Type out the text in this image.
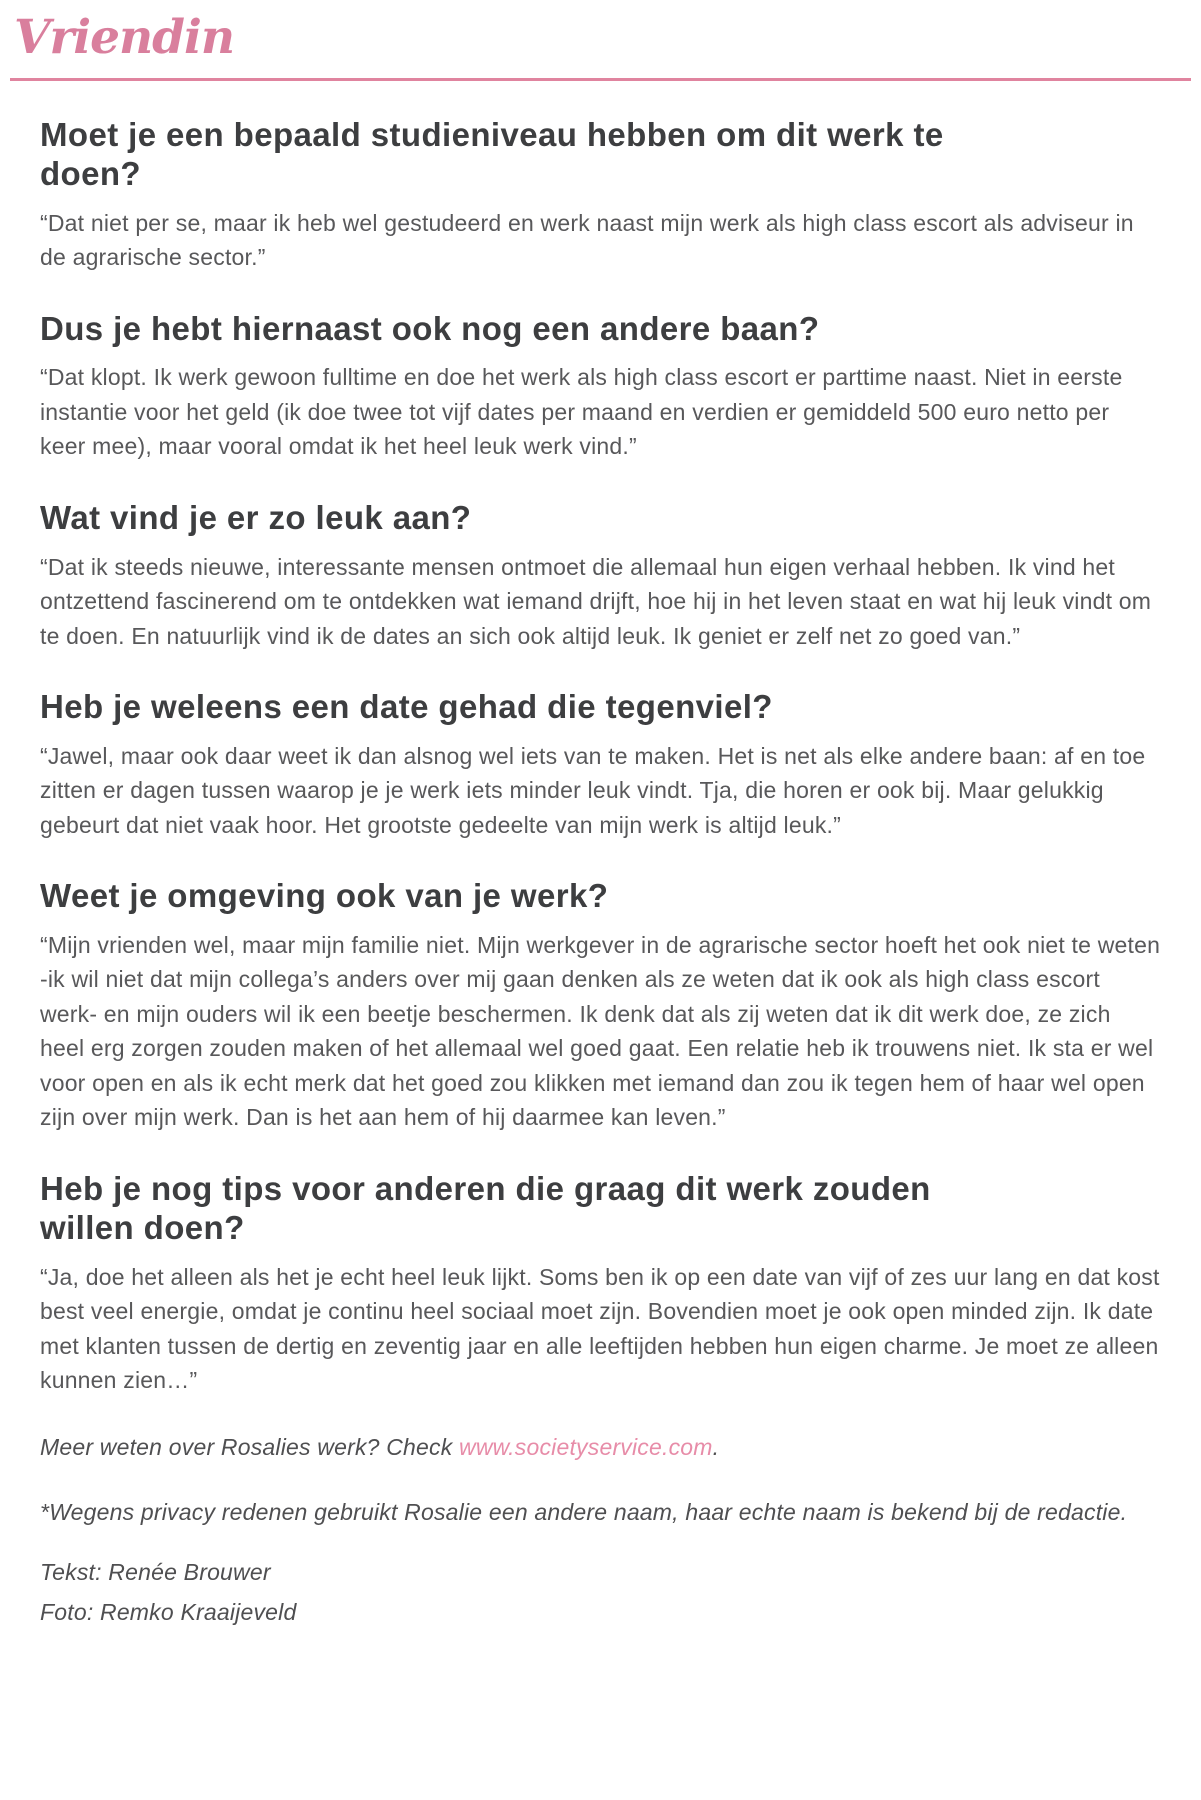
Vriendin
Moet je een bepaald studieniveau hebben om dit werk te doen?

“Dat niet per se, maar ik heb wel gestudeerd en werk naast mijn werk als high class escort als adviseur in de agrarische sector.”

Dus je hebt hiernaast ook nog een andere baan?

“Dat klopt. Ik werk gewoon fulltime en doe het werk als high class escort er parttime naast. Niet in eerste instantie voor het geld (ik doe twee tot vijf dates per maand en verdien er gemiddeld 500 euro netto per keer mee), maar vooral omdat ik het heel leuk werk vind.”

Wat vind je er zo leuk aan?

“Dat ik steeds nieuwe, interessante mensen ontmoet die allemaal hun eigen verhaal hebben. Ik vind het ontzettend fascinerend om te ontdekken wat iemand drijft, hoe hij in het leven staat en wat hij leuk vindt om te doen. En natuurlijk vind ik de dates an sich ook altijd leuk. Ik geniet er zelf net zo goed van.”

Heb je weleens een date gehad die tegenviel?

“Jawel, maar ook daar weet ik dan alsnog wel iets van te maken. Het is net als elke andere baan: af en toe zitten er dagen tussen waarop je je werk iets minder leuk vindt. Tja, die horen er ook bij. Maar gelukkig gebeurt dat niet vaak hoor. Het grootste gedeelte van mijn werk is altijd leuk.”

Weet je omgeving ook van je werk?

“Mijn vrienden wel, maar mijn familie niet. Mijn werkgever in de agrarische sector hoeft het ook niet te weten -ik wil niet dat mijn collega’s anders over mij gaan denken als ze weten dat ik ook als high class escort werk- en mijn ouders wil ik een beetje beschermen. Ik denk dat als zij weten dat ik dit werk doe, ze zich heel erg zorgen zouden maken of het allemaal wel goed gaat. Een relatie heb ik trouwens niet. Ik sta er wel voor open en als ik echt merk dat het goed zou klikken met iemand dan zou ik tegen hem of haar wel open zijn over mijn werk. Dan is het aan hem of hij daarmee kan leven.”

Heb je nog tips voor anderen die graag dit werk zouden willen doen?

“Ja, doe het alleen als het je echt heel leuk lijkt. Soms ben ik op een date van vijf of zes uur lang en dat kost best veel energie, omdat je continu heel sociaal moet zijn. Bovendien moet je ook open minded zijn. Ik date met klanten tussen de dertig en zeventig jaar en alle leeftijden hebben hun eigen charme. Je moet ze alleen kunnen zien…”

Meer weten over Rosalies werk? Check www.societyservice.com.

*Wegens privacy redenen gebruikt Rosalie een andere naam, haar echte naam is bekend bij de redactie.

Tekst: Renée Brouwer
Foto: Remko Kraaijeveld
